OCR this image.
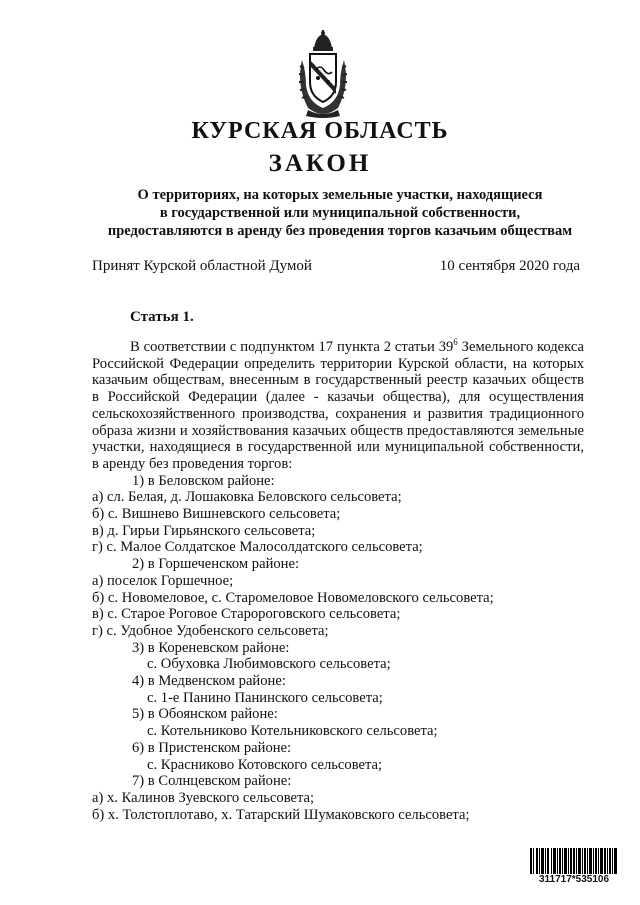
КУРСКАЯ ОБЛАСТЬ
ЗАКОН
О территориях, на которых земельные участки, находящиеся
в государственной или муниципальной собственности,
предоставляются в аренду без проведения торгов казачьим обществам
Принят Курской областной Думой	10 сентября 2020 года
Статья 1.

В соответствии с подпунктом 17 пункта 2 статьи $39^6$ Земельного кодекса Российской Федерации определить территории Курской области, на которых казачьим обществам, внесенным в государственный реестр казачьих обществ в Российской Федерации (далее - казачьи общества), для осуществления сельскохозяйственного производства, сохранения и развития традиционного образа жизни и хозяйствования казачьих обществ предоставляются земельные участки, находящиеся в государственной или муниципальной собственности, в аренду без проведения торгов:

1) в Беловском районе:

а) сл. Белая, д. Лошаковка Беловского сельсовета;

б) с. Вишнево Вишневского сельсовета;

в) д. Гирьи Гирьянского сельсовета;

г) с. Малое Солдатское Малосолдатского сельсовета;

2) в Горшеченском районе:

а) поселок Горшечное;

б) с. Новомеловое, с. Старомеловое Новомеловского сельсовета;

в) с. Старое Роговое Старороговского сельсовета;

г) с. Удобное Удобенского сельсовета;

3) в Кореневском районе:

с. Обуховка Любимовского сельсовета;

4) в Медвенском районе:

с. 1-е Панино Панинского сельсовета;

5) в Обоянском районе:

с. Котельниково Котельниковского сельсовета;

6) в Пристенском районе:

с. Красниково Котовского сельсовета;

7) в Солнцевском районе:

а) х. Калинов Зуевского сельсовета;

б) х. Толстоплотаво, х. Татарский Шумаковского сельсовета;

311717*535106
